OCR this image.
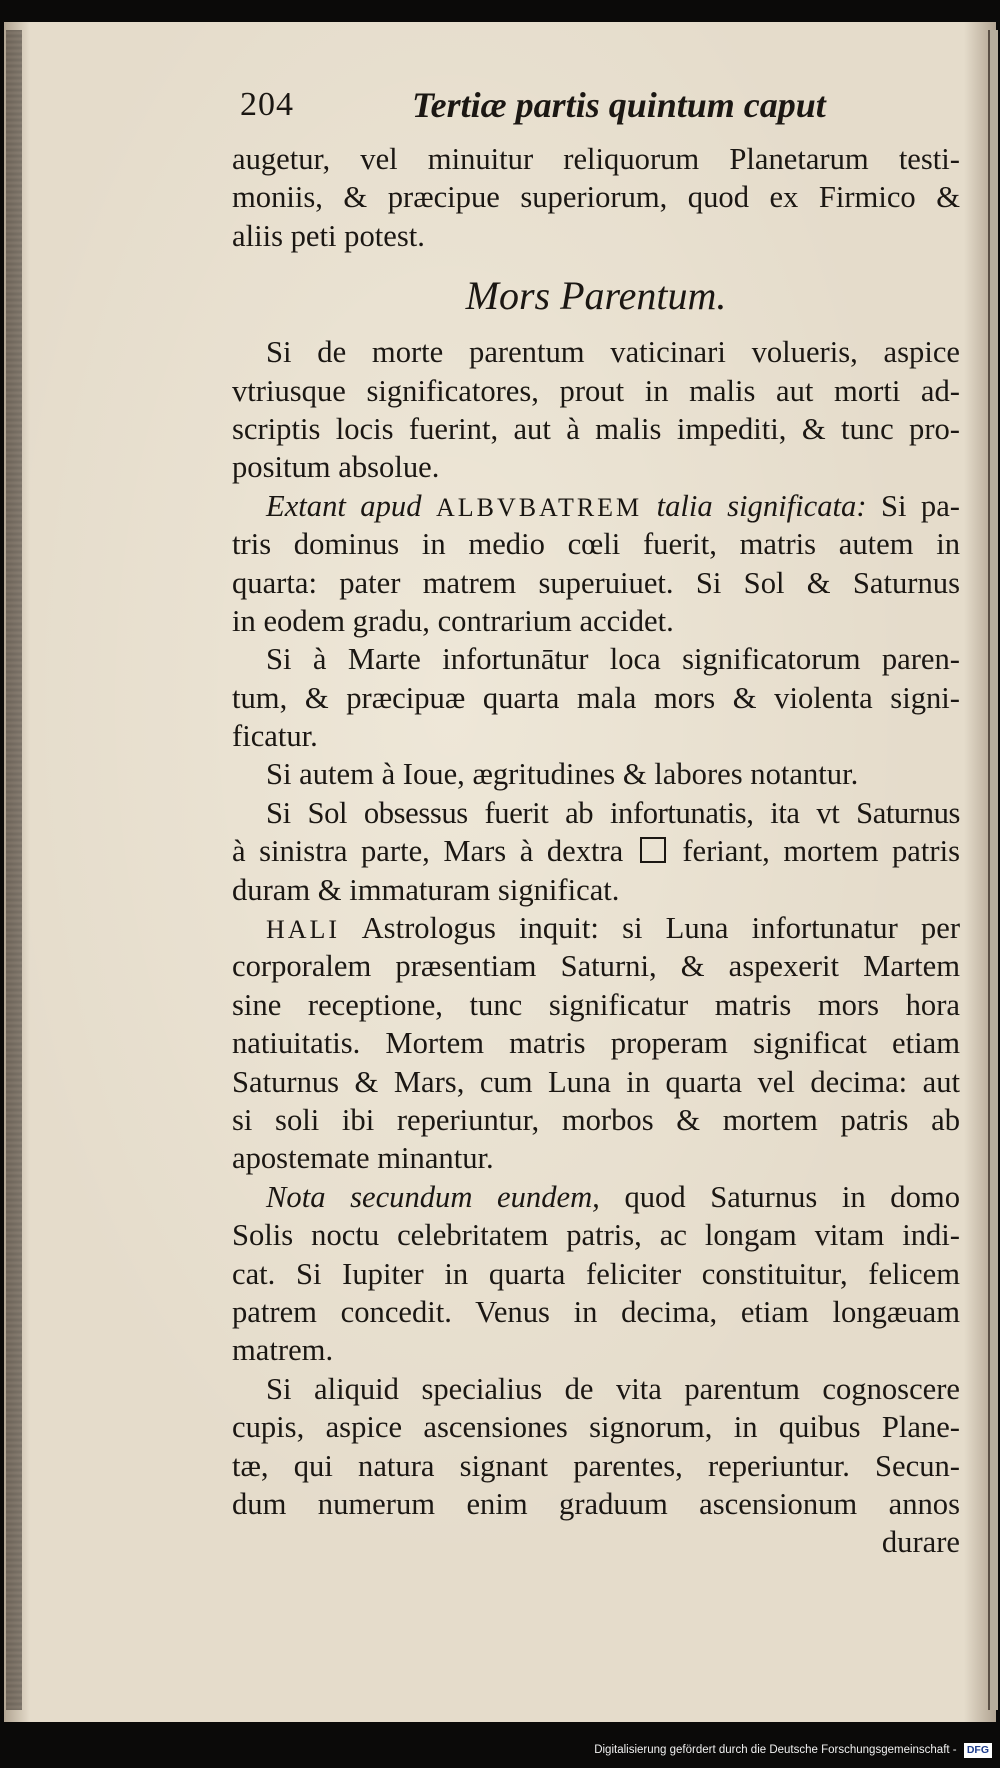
204	Tertiæ partis quintum caput
augetur, vel minuitur reliquorum Planetarum testi-
moniis, & præcipue superiorum, quod ex Firmico &
aliis peti potest.
Mors Parentum.
Si de morte parentum vaticinari volueris, aspice
vtriusque significatores, prout in malis aut morti ad-
scriptis locis fuerint, aut à malis impediti, & tunc pro-
positum absolue.
Extant apud ALBVBATREM talia significata: Si pa-
tris dominus in medio cœli fuerit, matris autem in
quarta: pater matrem superuiuet. Si Sol & Saturnus
in eodem gradu, contrarium accidet.
Si à Marte infortunātur loca significatorum paren-
tum, & præcipuæ quarta mala mors & violenta signi-
ficatur.
Si autem à Ioue, ægritudines & labores notantur.
Si Sol obsessus fuerit ab infortunatis, ita vt Saturnus
à sinistra parte, Mars à dextra feriant, mortem patris
duram & immaturam significat.
HALI Astrologus inquit: si Luna infortunatur per
corporalem præsentiam Saturni, & aspexerit Martem
sine receptione, tunc significatur matris mors hora
natiuitatis. Mortem matris properam significat etiam
Saturnus & Mars, cum Luna in quarta vel decima: aut
si soli ibi reperiuntur, morbos & mortem patris ab
apostemate minantur.
Nota secundum eundem, quod Saturnus in domo
Solis noctu celebritatem patris, ac longam vitam indi-
cat. Si Iupiter in quarta feliciter constituitur, felicem
patrem concedit. Venus in decima, etiam longæuam
matrem.
Si aliquid specialius de vita parentum cognoscere
cupis, aspice ascensiones signorum, in quibus Plane-
tæ, qui natura signant parentes, reperiuntur. Secun-
dum numerum enim graduum ascensionum annos
durare
Digitalisierung gefördert durch die Deutsche Forschungsgemeinschaft - DFG
